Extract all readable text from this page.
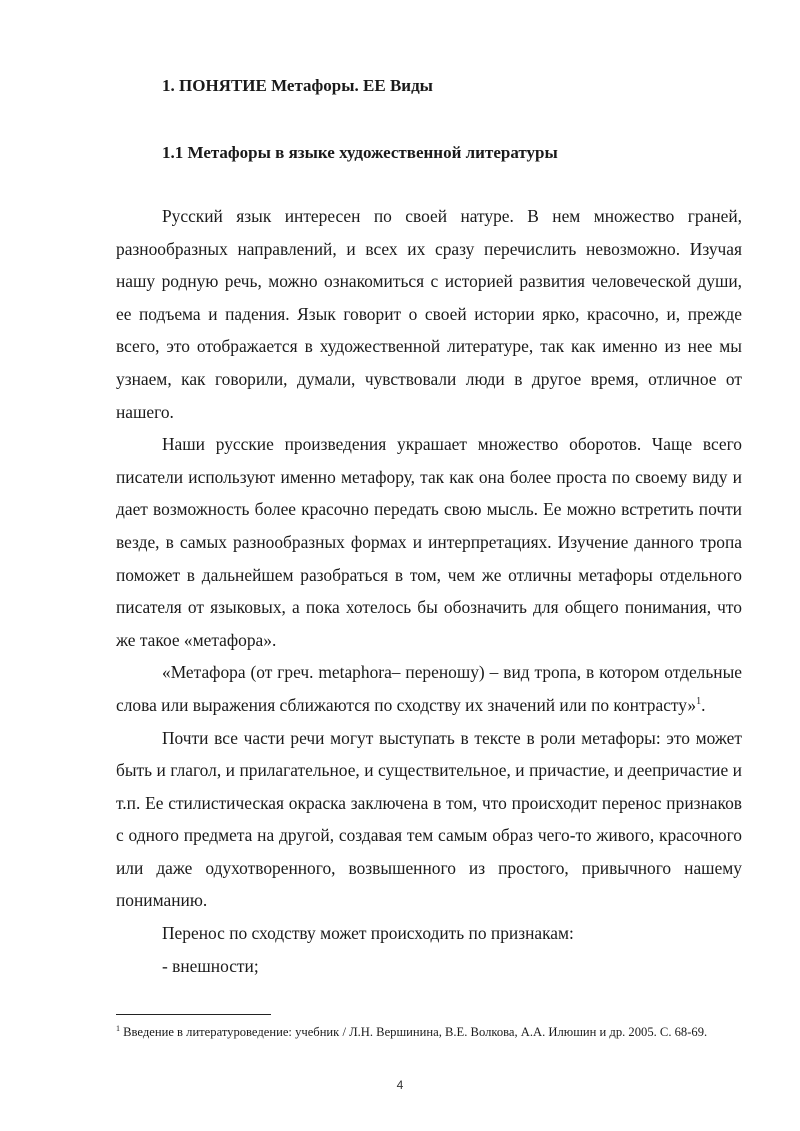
1. ПОНЯТИЕ Метафоры. ЕЕ Виды
1.1 Метафоры в языке художественной литературы

Русский язык интересен по своей натуре. В нем множество граней, разнообразных направлений, и всех их сразу перечислить невозможно. Изучая нашу родную речь, можно ознакомиться с историей развития человеческой души, ее подъема и падения. Язык говорит о своей истории ярко, красочно, и, прежде всего, это отображается в художественной литературе, так как именно из нее мы узнаем, как говорили, думали, чувствовали люди в другое время, отличное от нашего.

Наши русские произведения украшает множество оборотов. Чаще всего писатели используют именно метафору, так как она более проста по своему виду и дает возможность более красочно передать свою мысль. Ее можно встретить почти везде, в самых разнообразных формах и интерпретациях. Изучение данного тропа поможет в дальнейшем разобраться в том, чем же отличны метафоры отдельного писателя от языковых, а пока хотелось бы обозначить для общего понимания, что же такое «метафора».

«Метафора (от греч. metaphora– переношу) – вид тропа, в котором отдельные слова или выражения сближаются по сходству их значений или по контрасту»$^1$.

Почти все части речи могут выступать в тексте в роли метафоры: это может быть и глагол, и прилагательное, и существительное, и причастие, и деепричастие и т.п. Ее стилистическая окраска заключена в том, что происходит перенос признаков с одного предмета на другой, создавая тем самым образ чего-то живого, красочного или даже одухотворенного, возвышенного из простого, привычного нашему пониманию.

Перенос по сходству может происходить по признакам:

- внешности;

$^1$ Введение в литературоведение: учебник / Л.Н. Вершинина, В.Е. Волкова, А.А. Илюшин и др. 2005. С. 68-69.

4
